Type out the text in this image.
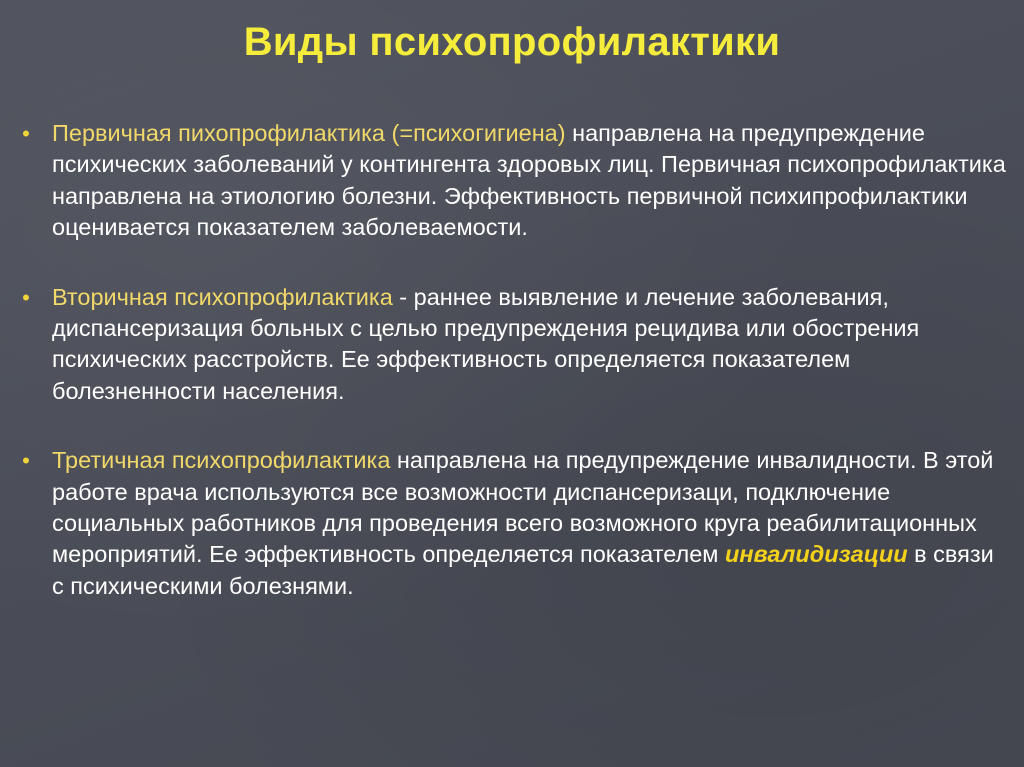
Виды психопрофилактики
• Первичная пихопрофилактика (=психогигиена) направлена на предупреждение психических заболеваний у контингента здоровых лиц. Первичная психопрофилактика направлена на этиологию болезни. Эффективность первичной психипрофилактики оценивается показателем заболеваемости.
• Вторичная психопрофилактика - раннее выявление и лечение заболевания, диспансеризация больных с целью предупреждения рецидива или обострения психических расстройств. Ее эффективность определяется показателем болезненности населения.
• Третичная психопрофилактика направлена на предупреждение инвалидности. В этой работе врача используются все возможности диспансеризаци, подключение социальных работников для проведения всего возможного круга реабилитационных мероприятий. Ее эффективность определяется показателем инвалидизации в связи с психическими болезнями.
